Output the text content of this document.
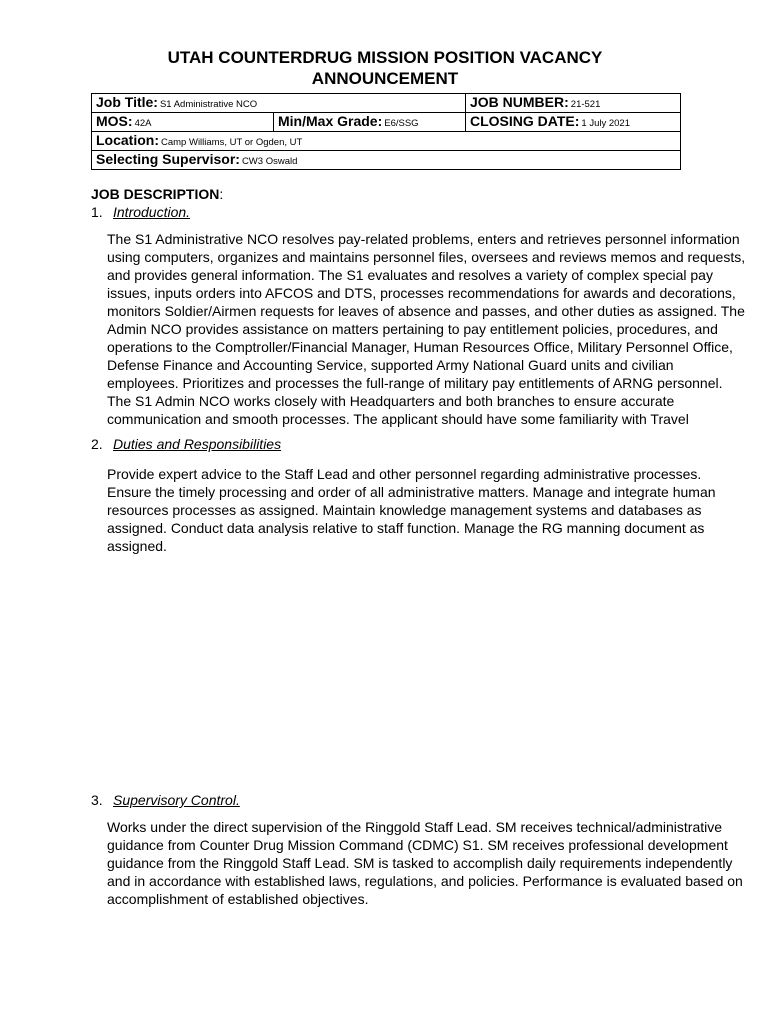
UTAH COUNTERDRUG MISSION POSITION VACANCY
ANNOUNCEMENT
Job Title: S1 Administrative NCO		JOB NUMBER: 21-521
MOS: 42A	Min/Max Grade: E6/SSG	CLOSING DATE: 1 July 2021
Location: Camp Williams, UT or Ogden, UT		
Selecting Supervisor: CW3 Oswald		
JOB DESCRIPTION:
1. Introduction.
The S1 Administrative NCO resolves pay-related problems, enters and retrieves personnel information using computers, organizes and maintains personnel files, oversees and reviews memos and requests, and provides general information. The S1 evaluates and resolves a variety of complex special pay issues, inputs orders into AFCOS and DTS, processes recommendations for awards and decorations, monitors Soldier/Airmen requests for leaves of absence and passes, and other duties as assigned. The Admin NCO provides assistance on matters pertaining to pay entitlement policies, procedures, and operations to the Comptroller/Financial Manager, Human Resources Office, Military Personnel Office, Defense Finance and Accounting Service, supported Army National Guard units and civilian employees. Prioritizes and processes the full-range of military pay entitlements of ARNG personnel. The S1 Admin NCO works closely with Headquarters and both branches to ensure accurate communication and smooth processes. The applicant should have some familiarity with Travel
2. Duties and Responsibilities
Provide expert advice to the Staff Lead and other personnel regarding administrative processes. Ensure the timely processing and order of all administrative matters. Manage and integrate human resources processes as assigned. Maintain knowledge management systems and databases as assigned. Conduct data analysis relative to staff function. Manage the RG manning document as assigned.
3. Supervisory Control.
Works under the direct supervision of the Ringgold Staff Lead. SM receives technical/administrative guidance from Counter Drug Mission Command (CDMC) S1. SM receives professional development guidance from the Ringgold Staff Lead. SM is tasked to accomplish daily requirements independently and in accordance with established laws, regulations, and policies. Performance is evaluated based on accomplishment of established objectives.
